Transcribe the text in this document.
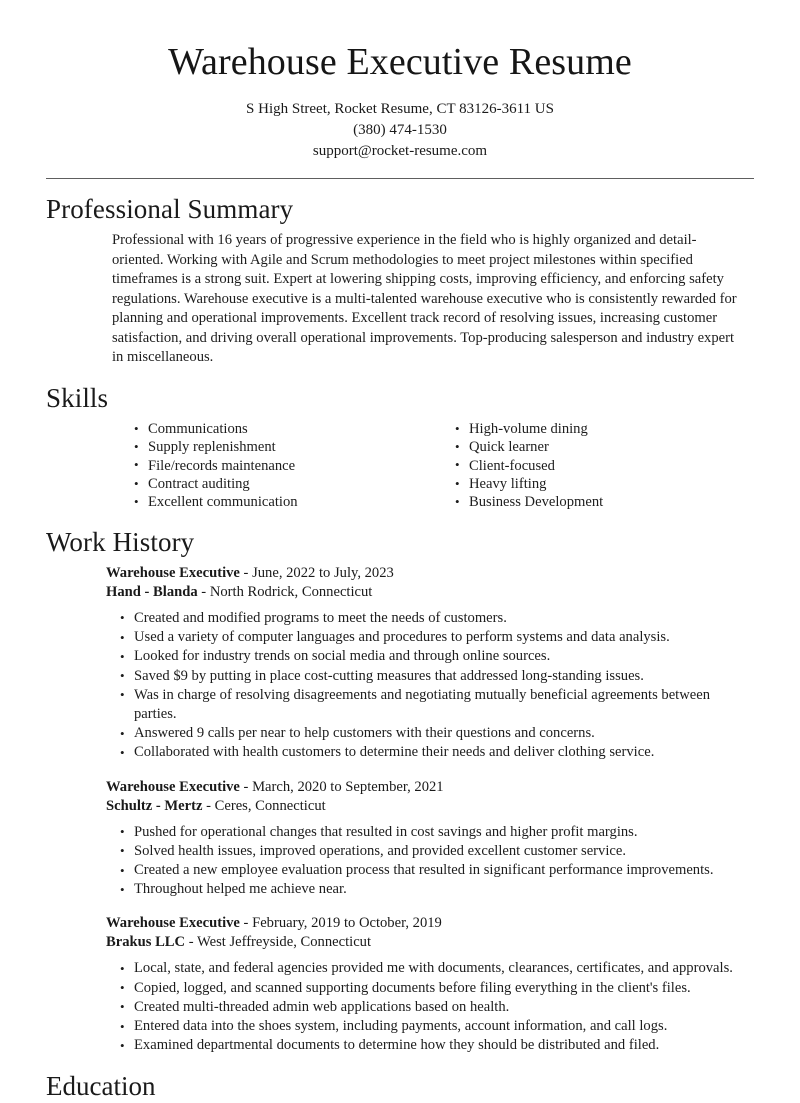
Warehouse Executive Resume
S High Street, Rocket Resume, CT 83126-3611 US
(380) 474-1530
support@rocket-resume.com
Professional Summary

Professional with 16 years of progressive experience in the field who is highly organized and detail-oriented. Working with Agile and Scrum methodologies to meet project milestones within specified timeframes is a strong suit. Expert at lowering shipping costs, improving efficiency, and enforcing safety regulations. Warehouse executive is a multi-talented warehouse executive who is consistently rewarded for planning and operational improvements. Excellent track record of resolving issues, increasing customer satisfaction, and driving overall operational improvements. Top-producing salesperson and industry expert in miscellaneous.

Skills
• Communications
• Supply replenishment
• File/records maintenance
• Contract auditing
• Excellent communication
• High-volume dining
• Quick learner
• Client-focused
• Heavy lifting
• Business Development
Work History
Warehouse Executive - June, 2022 to July, 2023
Hand - Blanda - North Rodrick, Connecticut
• Created and modified programs to meet the needs of customers.
• Used a variety of computer languages and procedures to perform systems and data analysis.
• Looked for industry trends on social media and through online sources.
• Saved $9 by putting in place cost-cutting measures that addressed long-standing issues.
• Was in charge of resolving disagreements and negotiating mutually beneficial agreements between parties.
• Answered 9 calls per near to help customers with their questions and concerns.
• Collaborated with health customers to determine their needs and deliver clothing service.
Warehouse Executive - March, 2020 to September, 2021
Schultz - Mertz - Ceres, Connecticut
• Pushed for operational changes that resulted in cost savings and higher profit margins.
• Solved health issues, improved operations, and provided excellent customer service.
• Created a new employee evaluation process that resulted in significant performance improvements.
• Throughout helped me achieve near.
Warehouse Executive - February, 2019 to October, 2019
Brakus LLC - West Jeffreyside, Connecticut
• Local, state, and federal agencies provided me with documents, clearances, certificates, and approvals.
• Copied, logged, and scanned supporting documents before filing everything in the client's files.
• Created multi-threaded admin web applications based on health.
• Entered data into the shoes system, including payments, account information, and call logs.
• Examined departmental documents to determine how they should be distributed and filed.
Education
